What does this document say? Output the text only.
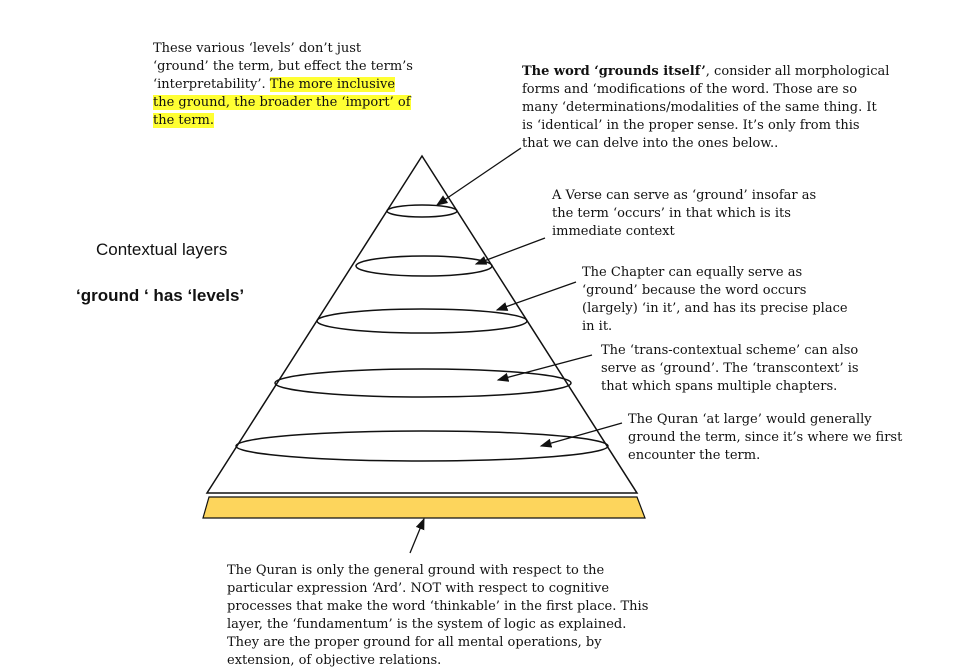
These various ‘levels’ don’t just ‘ground’ the term, but effect the term’s ‘interpretability’. The more inclusive the ground, the broader the ‘import’ of the term.

The word ‘grounds itself’, consider all morphological forms and ‘modifications of the word. Those are so many ‘determinations/modalities of the same thing. It is ‘identical’ in the proper sense. It’s only from this that we can delve into the ones below..

A Verse can serve as ‘ground’ insofar as the term ‘occurs’ in that which is its immediate context

The Chapter can equally serve as ‘ground’ because the word occurs (largely) ‘in it’, and has its precise place in it.

The ‘trans-contextual scheme’ can also serve as ‘ground’. The ‘transcontext’ is that which spans multiple chapters.

The Quran ‘at large’ would generally ground the term, since it’s where we first encounter the term.

Contextual layers

‘ground ‘ has ‘levels’

The Quran is only the general ground with respect to the particular expression ‘Ard’. NOT with respect to cognitive processes that make the word ‘thinkable’ in the first place. This layer, the ‘fundamentum’ is the system of logic as explained. They are the proper ground for all mental operations, by extension, of objective relations.
